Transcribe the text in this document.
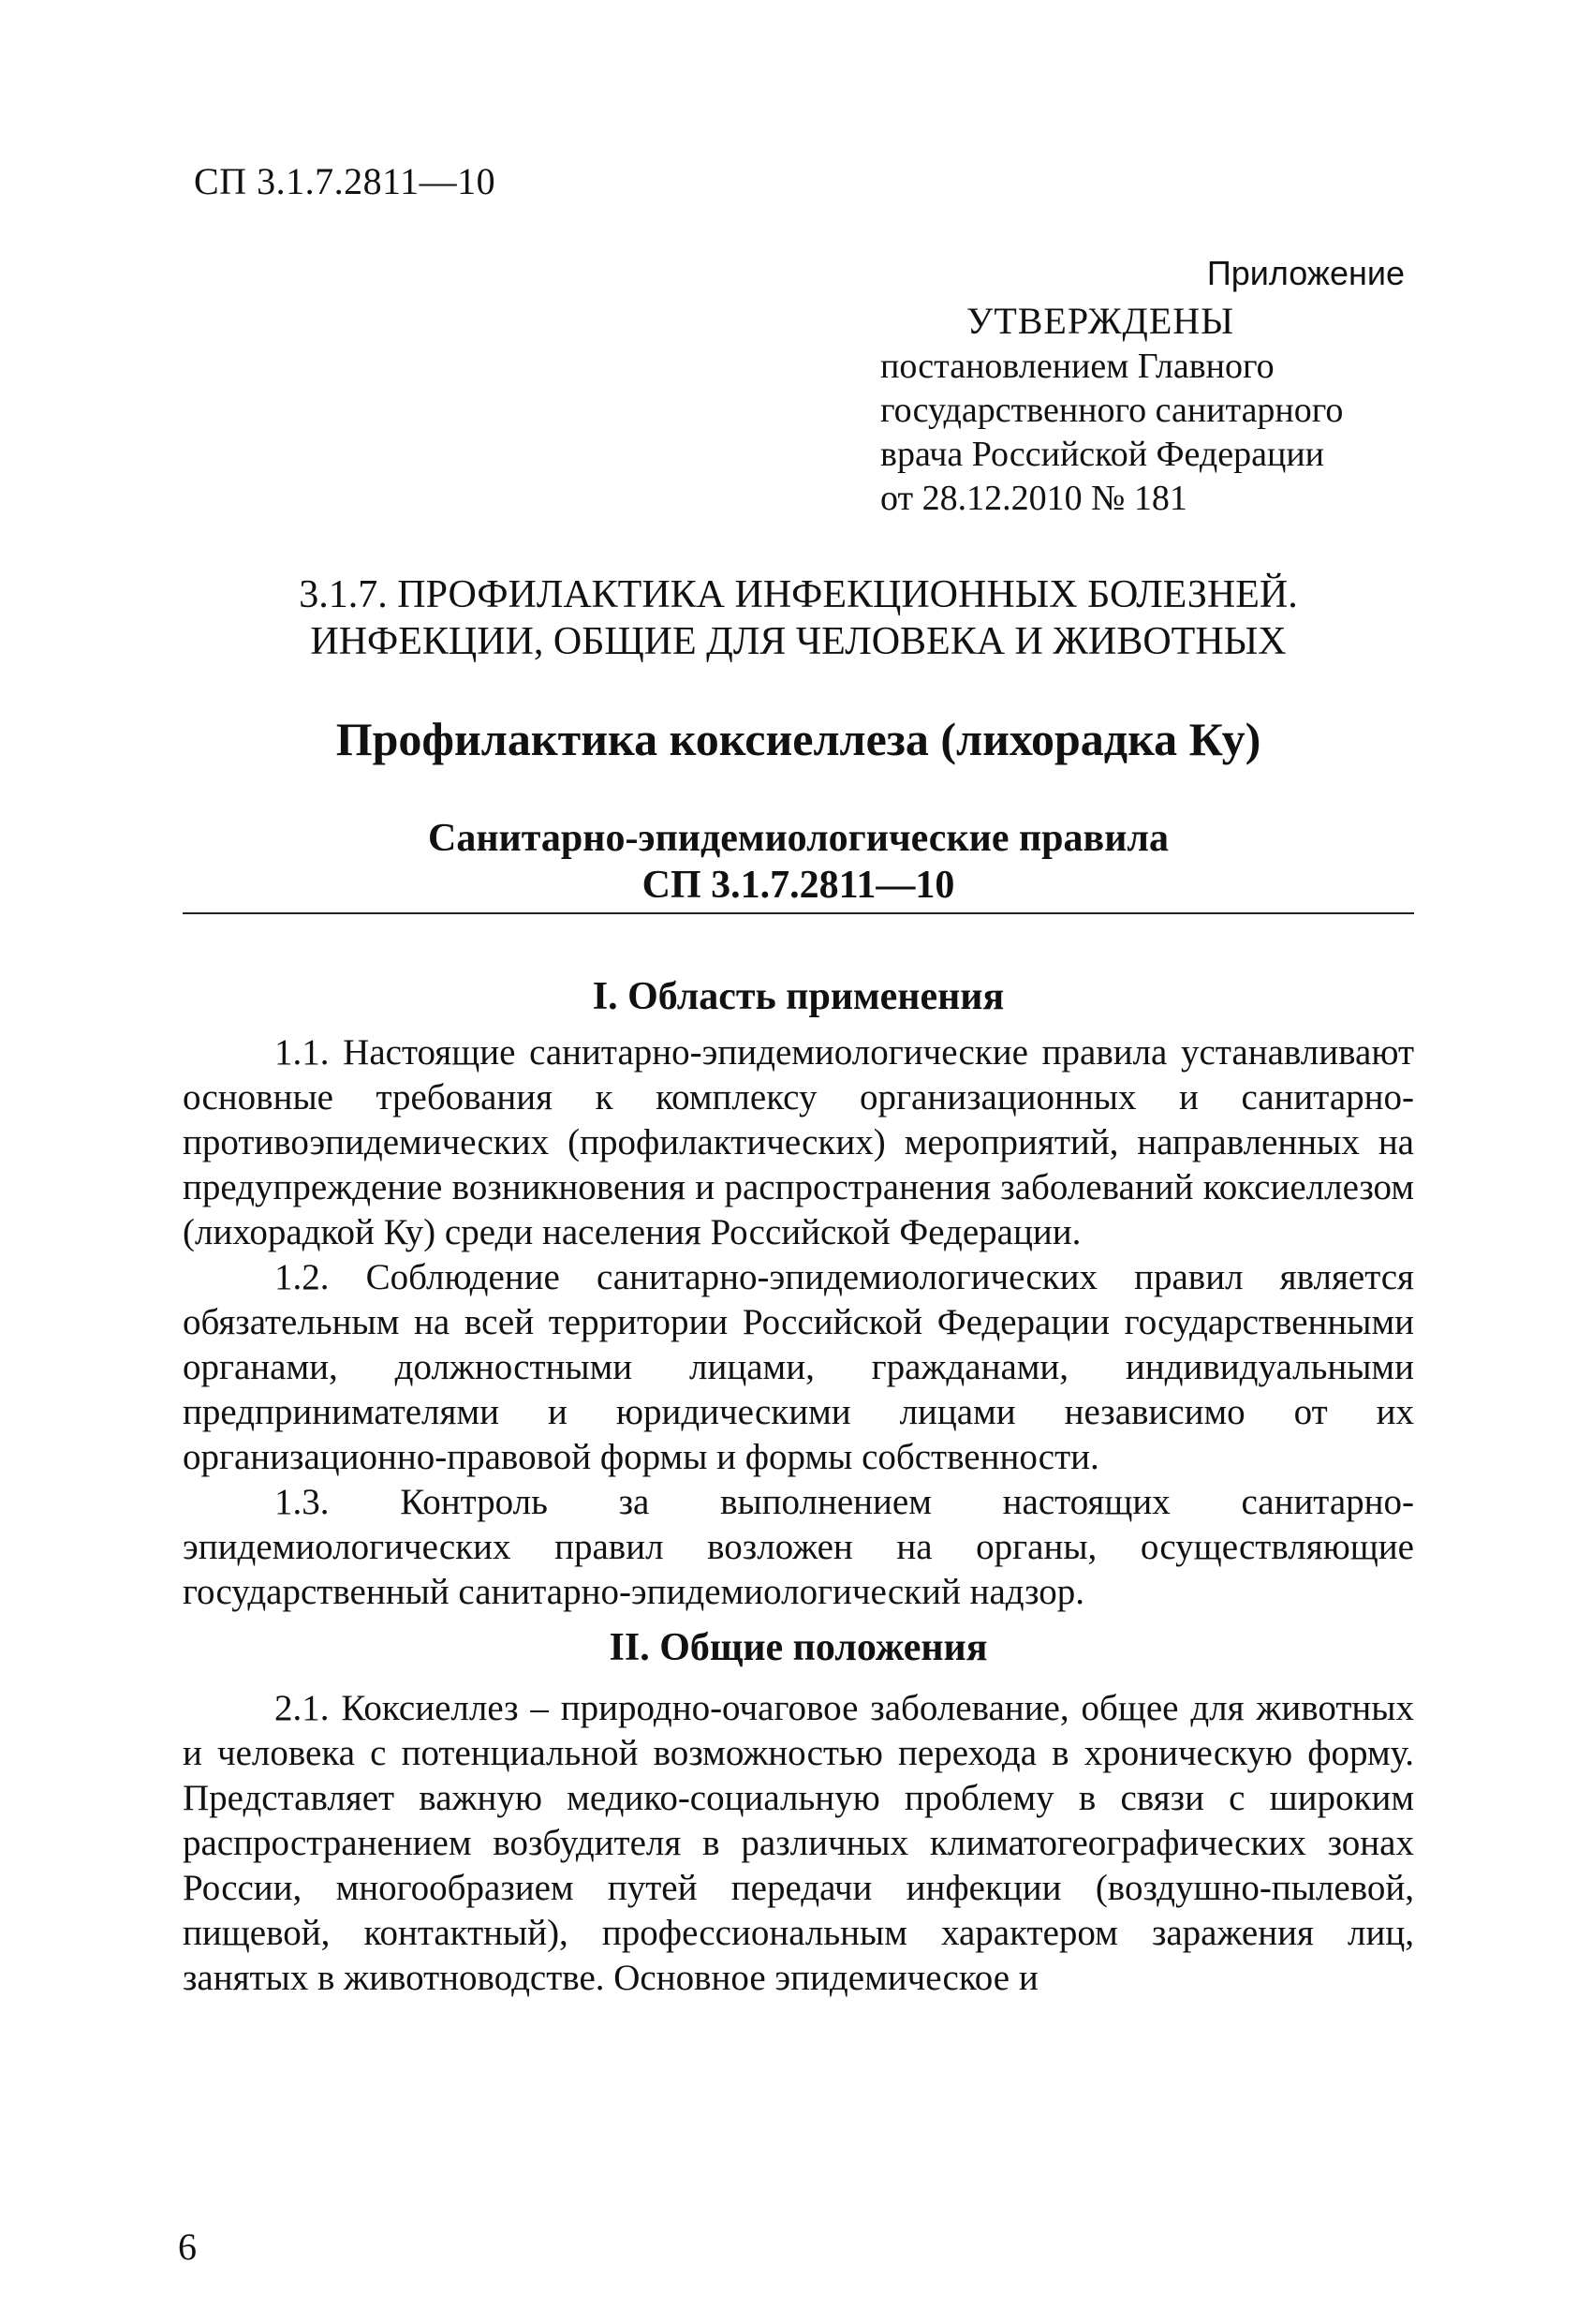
СП 3.1.7.2811—10
Приложение
УТВЕРЖДЕНЫ
постановлением Главного
государственного санитарного
врача Российской Федерации
от 28.12.2010 № 181
3.1.7. ПРОФИЛАКТИКА ИНФЕКЦИОННЫХ БОЛЕЗНЕЙ.
ИНФЕКЦИИ, ОБЩИЕ ДЛЯ ЧЕЛОВЕКА И ЖИВОТНЫХ
Профилактика коксиеллеза (лихорадка Ку)
Санитарно-эпидемиологические правила
СП 3.1.7.2811—10
I. Область применения

1.1. Настоящие санитарно-эпидемиологические правила устанавливают основные требования к комплексу организационных и санитарно-противоэпидемических (профилактических) мероприятий, направленных на предупреждение возникновения и распространения заболеваний коксиеллезом (лихорадкой Ку) среди населения Российской Федерации.

1.2. Соблюдение санитарно-эпидемиологических правил является обязательным на всей территории Российской Федерации государственными органами, должностными лицами, гражданами, индивидуальными предпринимателями и юридическими лицами независимо от их организационно-правовой формы и формы собственности.

1.3. Контроль за выполнением настоящих санитарно-эпидемиологических правил возложен на органы, осуществляющие государственный санитарно-эпидемиологический надзор.

II. Общие положения

2.1. Коксиеллез – природно-очаговое заболевание, общее для животных и человека с потенциальной возможностью перехода в хроническую форму. Представляет важную медико-социальную проблему в связи с широким распространением возбудителя в различных климатогеографических зонах России, многообразием путей передачи инфекции (воздушно-пылевой, пищевой, контактный), профессиональным характером заражения лиц, занятых в животноводстве. Основное эпидемическое и

6
